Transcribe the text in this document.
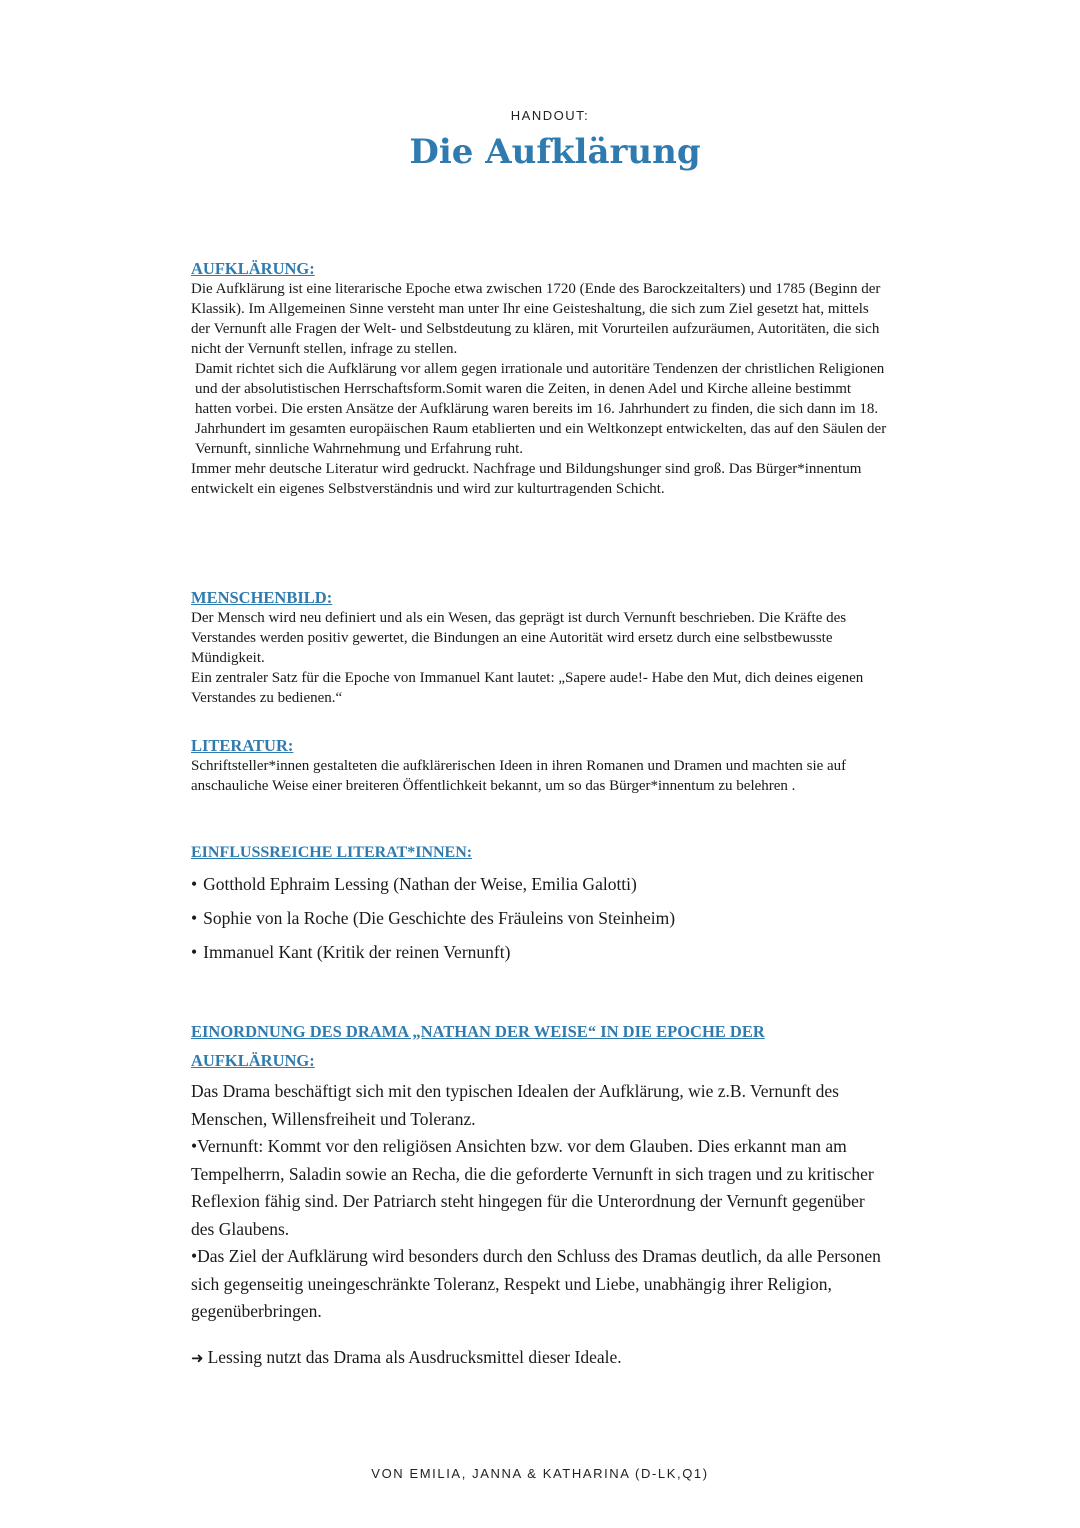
HANDOUT:
Die Aufklärung
AUFKLÄRUNG:

Die Aufklärung ist eine literarische Epoche etwa zwischen 1720 (Ende des Barockzeitalters) und 1785 (Beginn der Klassik). Im Allgemeinen Sinne versteht man unter Ihr eine Geisteshaltung, die sich zum Ziel gesetzt hat, mittels der Vernunft alle Fragen der Welt- und Selbstdeutung zu klären, mit Vorurteilen aufzuräumen, Autoritäten, die sich nicht der Vernunft stellen, infrage zu stellen.

Damit richtet sich die Aufklärung vor allem gegen irrationale und autoritäre Tendenzen der christlichen Religionen und der absolutistischen Herrschaftsform.Somit waren die Zeiten, in denen Adel und Kirche alleine bestimmt hatten vorbei. Die ersten Ansätze der Aufklärung waren bereits im 16. Jahrhundert zu finden, die sich dann im 18. Jahrhundert im gesamten europäischen Raum etablierten und ein Weltkonzept entwickelten, das auf den Säulen der Vernunft, sinnliche Wahrnehmung und Erfahrung ruht.

Immer mehr deutsche Literatur wird gedruckt. Nachfrage und Bildungshunger sind groß. Das Bürger*innentum entwickelt ein eigenes Selbstverständnis und wird zur kulturtragenden Schicht.

MENSCHENBILD:

Der Mensch wird neu definiert und als ein Wesen, das geprägt ist durch Vernunft beschrieben. Die Kräfte des Verstandes werden positiv gewertet, die Bindungen an eine Autorität wird ersetz durch eine selbstbewusste Mündigkeit.

Ein zentraler Satz für die Epoche von Immanuel Kant lautet: „Sapere aude!- Habe den Mut, dich deines eigenen Verstandes zu bedienen.“

LITERATUR:

Schriftsteller*innen gestalteten die aufklärerischen Ideen in ihren Romanen und Dramen und machten sie auf anschauliche Weise einer breiteren Öffentlichkeit bekannt, um so das Bürger*innentum zu belehren .

EINFLUSSREICHE LITERAT*INNEN:
• Gotthold Ephraim Lessing (Nathan der Weise, Emilia Galotti)
• Sophie von la Roche (Die Geschichte des Fräuleins von Steinheim)
• Immanuel Kant (Kritik der reinen Vernunft)
EINORDNUNG DES DRAMA „NATHAN DER WEISE“ IN DIE EPOCHE DER AUFKLÄRUNG:

Das Drama beschäftigt sich mit den typischen Idealen der Aufklärung, wie z.B. Vernunft des Menschen, Willensfreiheit und Toleranz.

•Vernunft: Kommt vor den religiösen Ansichten bzw. vor dem Glauben. Dies erkannt man am Tempelherrn, Saladin sowie an Recha, die die geforderte Vernunft in sich tragen und zu kritischer Reflexion fähig sind. Der Patriarch steht hingegen für die Unterordnung der Vernunft gegenüber des Glaubens.

•Das Ziel der Aufklärung wird besonders durch den Schluss des Dramas deutlich, da alle Personen sich gegenseitig uneingeschränkte Toleranz, Respekt und Liebe, unabhängig ihrer Religion, gegenüberbringen.

➜ Lessing nutzt das Drama als Ausdrucksmittel dieser Ideale.

VON EMILIA, JANNA & KATHARINA (D-LK,Q1)
